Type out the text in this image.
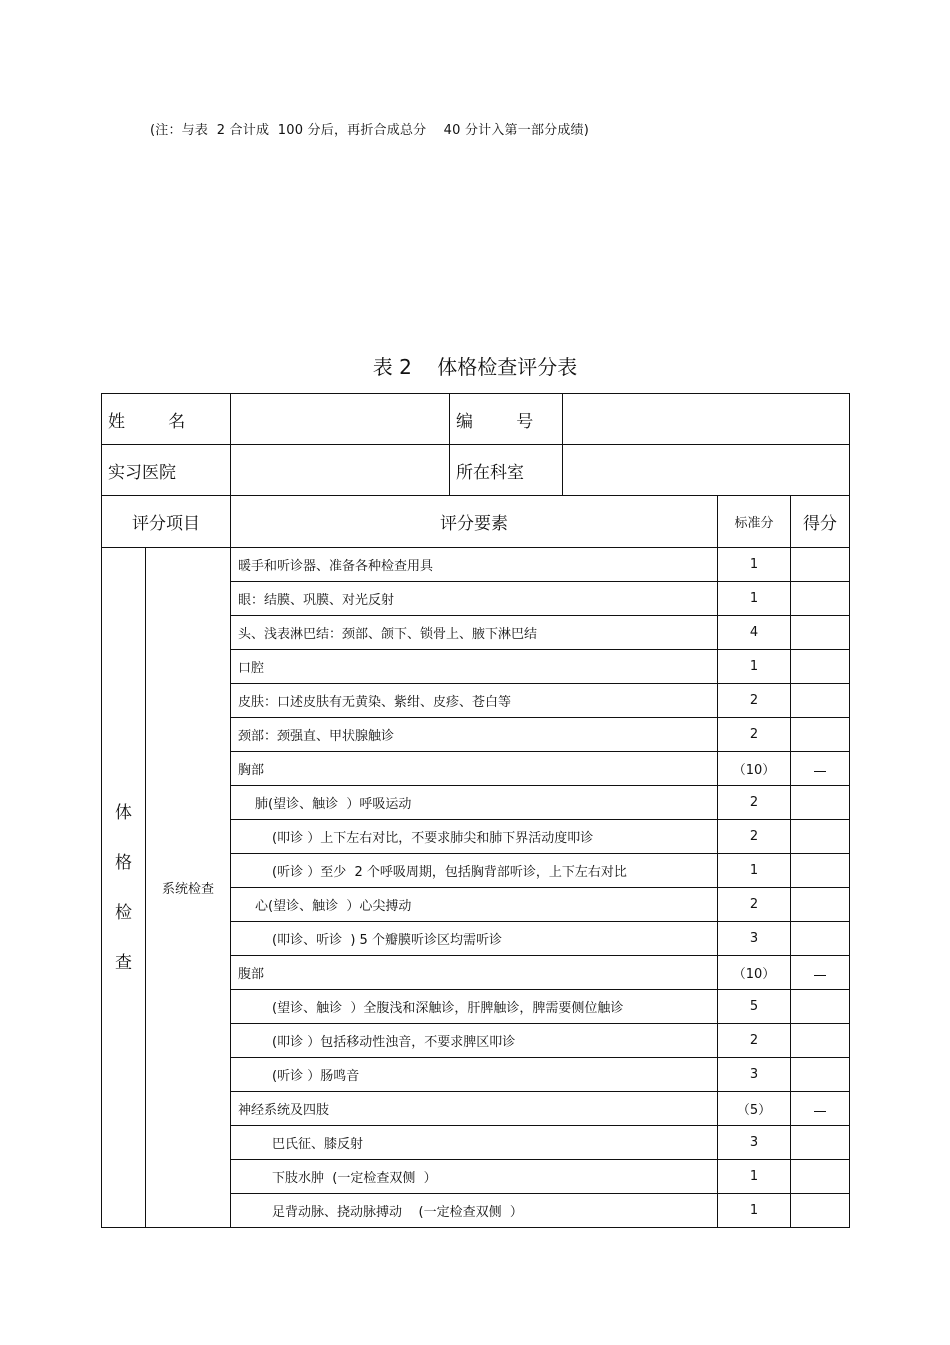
(注：与表  2 合计成  100 分后，再折合成总分    40 分计入第一部分成绩)
表 2    体格检查评分表
姓        名		编        号			
实习医院		所在科室			
评分项目	评分要素			标准分	得分
体
格
检
查	系统检查	暖手和听诊器、准备各种检查用具	1	
		眼：结膜、巩膜、对光反射	1	
		头、浅表淋巴结：颈部、颌下、锁骨上、腋下淋巴结	4	
		口腔	1	
		皮肤：口述皮肤有无黄染、紫绀、皮疹、苍白等	2	
		颈部：颈强直、甲状腺触诊	2	
		胸部	（10）	
		肺(望诊、触诊  ）呼吸运动	2	
		(叩诊 ）上下左右对比，不要求肺尖和肺下界活动度叩诊	2	
		(听诊 ）至少  2 个呼吸周期，包括胸背部听诊，上下左右对比	1	
		心(望诊、触诊  ）心尖搏动	2	
		(叩诊、听诊  ) 5 个瓣膜听诊区均需听诊	3	
		腹部	（10）	
		(望诊、触诊  ）全腹浅和深触诊，肝脾触诊，脾需要侧位触诊	5	
		(叩诊 ）包括移动性浊音，不要求脾区叩诊	2	
		(听诊 ）肠鸣音	3	
		神经系统及四肢	（5）	
		巴氏征、膝反射	3	
		下肢水肿  (一定检查双侧  ）	1	
		足背动脉、挠动脉搏动    (一定检查双侧  ）	1	
